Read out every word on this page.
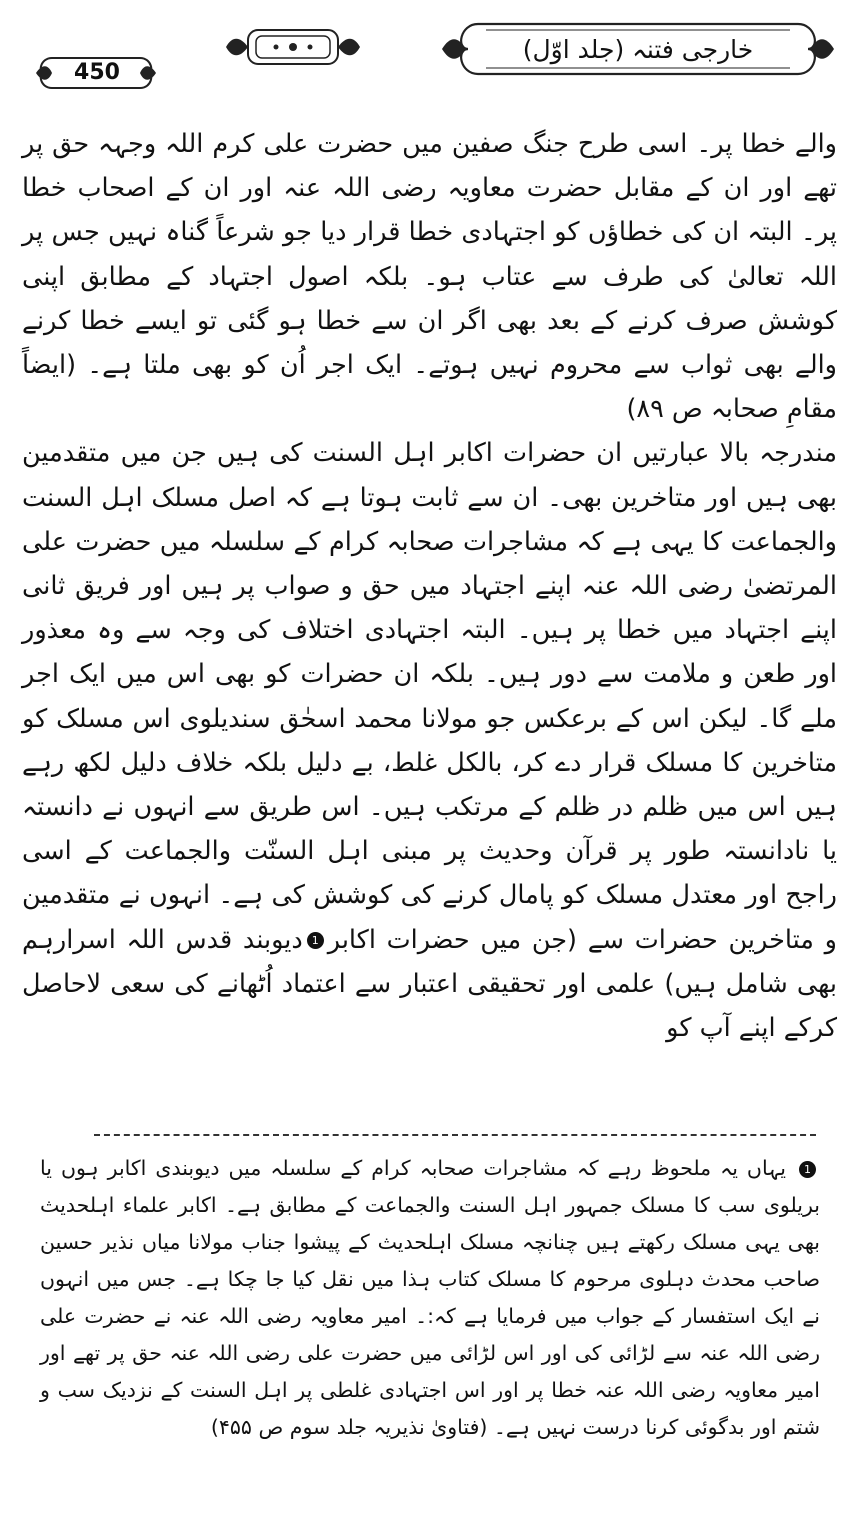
450
خارجی فتنہ (جلد اوّل)

والے خطا پر۔ اسی طرح جنگ صفین میں حضرت علی کرم اللہ وجہہ حق پر تھے اور ان کے مقابل حضرت معاویہ رضی اللہ عنہ اور ان کے اصحاب خطا پر۔ البتہ ان کی خطاؤں کو اجتہادی خطا قرار دیا جو شرعاً گناہ نہیں جس پر اللہ تعالیٰ کی طرف سے عتاب ہو۔ بلکہ اصول اجتہاد کے مطابق اپنی کوشش صرف کرنے کے بعد بھی اگر ان سے خطا ہو گئی تو ایسے خطا کرنے والے بھی ثواب سے محروم نہیں ہوتے۔ ایک اجر اُن کو بھی ملتا ہے۔ (ایضاً مقامِ صحابہ ص ۸۹)

مندرجہ بالا عبارتیں ان حضرات اکابر اہل السنت کی ہیں جن میں متقدمین بھی ہیں اور متاخرین بھی۔ ان سے ثابت ہوتا ہے کہ اصل مسلک اہل السنت والجماعت کا یہی ہے کہ مشاجرات صحابہ کرام کے سلسلہ میں حضرت علی المرتضیٰ رضی اللہ عنہ اپنے اجتہاد میں حق و صواب پر ہیں اور فریق ثانی اپنے اجتہاد میں خطا پر ہیں۔ البتہ اجتہادی اختلاف کی وجہ سے وہ معذور اور طعن و ملامت سے دور ہیں۔ بلکہ ان حضرات کو بھی اس میں ایک اجر ملے گا۔ لیکن اس کے برعکس جو مولانا محمد اسحٰق سندیلوی اس مسلک کو متاخرین کا مسلک قرار دے کر، بالکل غلط، بے دلیل بلکہ خلاف دلیل لکھ رہے ہیں اس میں ظلم در ظلم کے مرتکب ہیں۔ اس طریق سے انہوں نے دانستہ یا نادانستہ طور پر قرآن وحدیث پر مبنی اہل السنّت والجماعت کے اسی راجح اور معتدل مسلک کو پامال کرنے کی کوشش کی ہے۔ انہوں نے متقدمین و متاخرین حضرات سے (جن میں حضرات اکابر1دیوبند قدس اللہ اسرارہم بھی شامل ہیں) علمی اور تحقیقی اعتبار سے اعتماد اُٹھانے کی سعی لاحاصل کرکے اپنے آپ کو

1 یہاں یہ ملحوظ رہے کہ مشاجرات صحابہ کرام کے سلسلہ میں دیوبندی اکابر ہوں یا بریلوی سب کا مسلک جمہور اہل السنت والجماعت کے مطابق ہے۔ اکابر علماء اہلحدیث بھی یہی مسلک رکھتے ہیں چنانچہ مسلک اہلحدیث کے پیشوا جناب مولانا میاں نذیر حسین صاحب محدث دہلوی مرحوم کا مسلک کتاب ہذا میں نقل کیا جا چکا ہے۔ جس میں انہوں نے ایک استفسار کے جواب میں فرمایا ہے کہ:۔ امیر معاویہ رضی اللہ عنہ نے حضرت علی رضی اللہ عنہ سے لڑائی کی اور اس لڑائی میں حضرت علی رضی اللہ عنہ حق پر تھے اور امیر معاویہ رضی اللہ عنہ خطا پر اور اس اجتہادی غلطی پر اہل السنت کے نزدیک سب و شتم اور بدگوئی کرنا درست نہیں ہے۔ (فتاویٰ نذیریہ جلد سوم ص ۴۵۵)
